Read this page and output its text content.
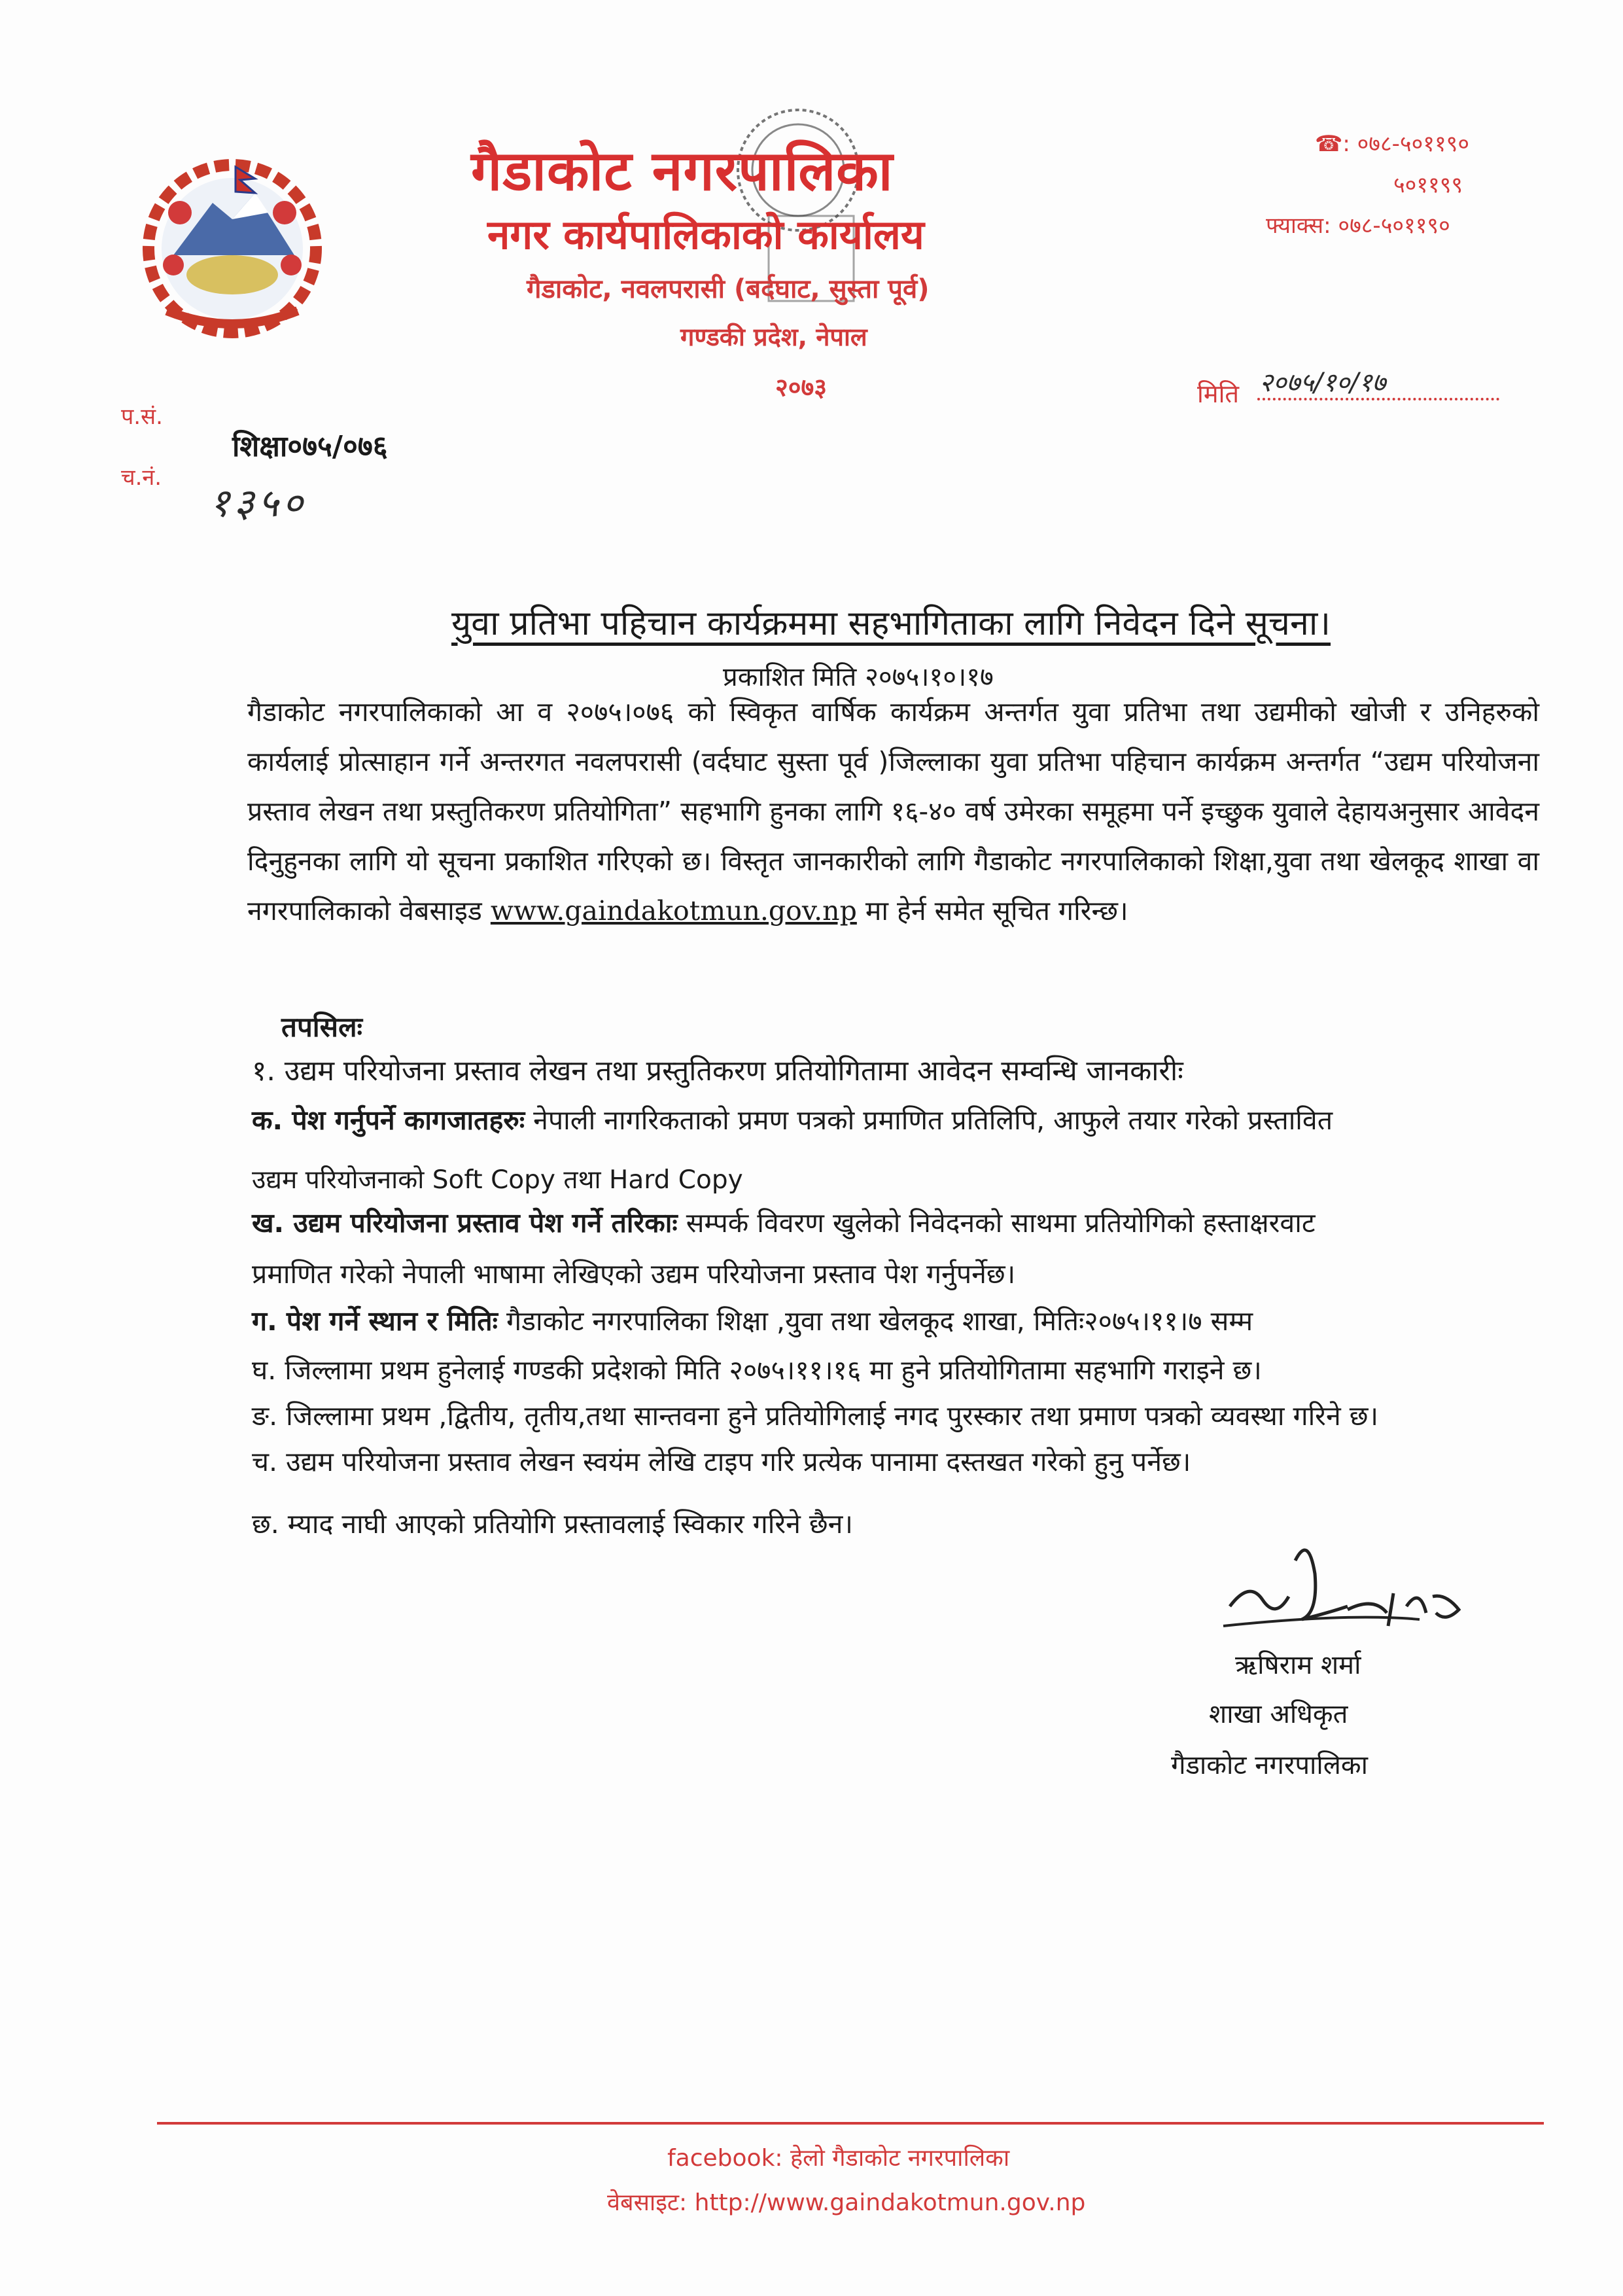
गैडाकोट नगरपालिका
नगर कार्यपालिकाको कार्यालय
गैडाकोट, नवलपरासी (बर्दघाट, सुस्ता पूर्व)
गण्डकी प्रदेश, नेपाल
२०७३
☎: ०७८-५०११९०
५०११९९
फ्याक्स: ०७८-५०११९०
मिति २०७५/१०/१७
प.सं.
शिक्षा०७५/०७६
च.नं.
१३५०
युवा प्रतिभा पहिचान कार्यक्रममा सहभागिताका लागि निवेदन दिने सूचना।
प्रकाशित मिति २०७५।१०।१७
गैडाकोट नगरपालिकाको आ व २०७५।०७६ को स्विकृत वार्षिक कार्यक्रम अन्तर्गत युवा प्रतिभा तथा उद्यमीको खोजी र उनिहरुको कार्यलाई प्रोत्साहान गर्ने अन्तरगत नवलपरासी (वर्दघाट सुस्ता पूर्व )जिल्लाका युवा प्रतिभा पहिचान कार्यक्रम अन्तर्गत “उद्यम परियोजना प्रस्ताव लेखन तथा प्रस्तुतिकरण प्रतियोगिता” सहभागि हुनका लागि १६-४० वर्ष उमेरका समूहमा पर्ने इच्छुक युवाले देहायअनुसार आवेदन दिनुहुनका लागि यो सूचना प्रकाशित गरिएको छ। विस्तृत जानकारीको लागि गैडाकोट नगरपालिकाको शिक्षा,युवा तथा खेलकूद शाखा वा नगरपालिकाको वेबसाइड www.gaindakotmun.gov.np मा हेर्न समेत सूचित गरिन्छ।
तपसिलः
१. उद्यम परियोजना प्रस्ताव लेखन तथा प्रस्तुतिकरण प्रतियोगितामा आवेदन सम्वन्धि जानकारीः
क. पेश गर्नुपर्ने कागजातहरुः नेपाली नागरिकताको प्रमण पत्रको प्रमाणित प्रतिलिपि, आफुले तयार गरेको प्रस्तावित
उद्यम परियोजनाको Soft Copy तथा Hard Copy
ख. उद्यम परियोजना प्रस्ताव पेश गर्ने तरिकाः सम्पर्क विवरण खुलेको निवेदनको साथमा प्रतियोगिको हस्ताक्षरवाट
प्रमाणित गरेको नेपाली भाषामा लेखिएको उद्यम परियोजना प्रस्ताव पेश गर्नुपर्नेछ।
ग. पेश गर्ने स्थान र मितिः गैडाकोट नगरपालिका शिक्षा ,युवा तथा खेलकूद शाखा, मितिः२०७५।११।७ सम्म
घ. जिल्लामा प्रथम हुनेलाई गण्डकी प्रदेशको मिति २०७५।११।१६ मा हुने प्रतियोगितामा सहभागि गराइने छ।
ङ. जिल्लामा प्रथम ,द्वितीय, तृतीय,तथा सान्तवना हुने प्रतियोगिलाई नगद पुरस्कार तथा प्रमाण पत्रको व्यवस्था गरिने छ।
च. उद्यम परियोजना प्रस्ताव लेखन स्वयंम लेखि टाइप गरि प्रत्येक पानामा दस्तखत गरेको हुनु पर्नेछ।
छ. म्याद नाघी आएको प्रतियोगि प्रस्तावलाई स्विकार गरिने छैन।
ऋषिराम शर्मा
शाखा अधिकृत
गैडाकोट नगरपालिका
facebook: हेलो गैडाकोट नगरपालिका
वेबसाइट: http://www.gaindakotmun.gov.np
